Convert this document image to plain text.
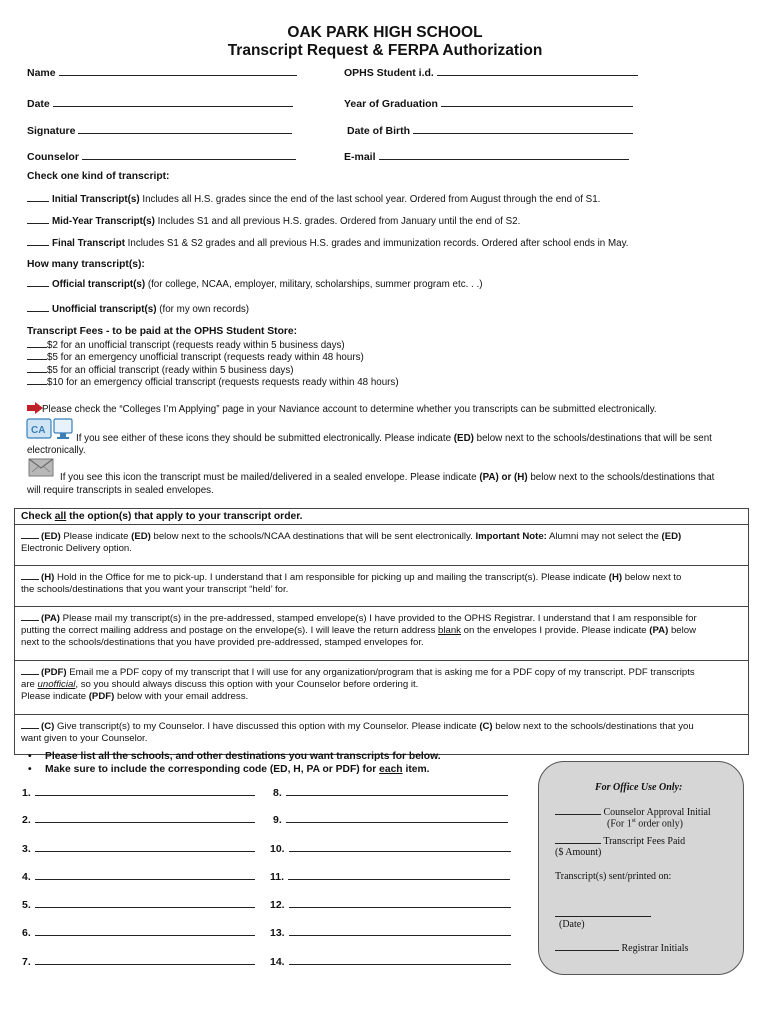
OAK PARK HIGH SCHOOL
Transcript Request & FERPA Authorization
Name	OPHS Student i.d.
Date	Year of Graduation
Signature	Date of Birth
Counselor	E-mail
Check one kind of transcript:
Initial Transcript(s) Includes all H.S. grades since the end of the last school year. Ordered from August through the end of S1.
Mid-Year Transcript(s) Includes S1 and all previous H.S. grades. Ordered from January until the end of S2.
Final Transcript Includes S1 & S2 grades and all previous H.S. grades and immunization records. Ordered after school ends in May.
How many transcript(s):
Official transcript(s) (for college, NCAA, employer, military, scholarships, summer program etc. . .)
Unofficial transcript(s) (for my own records)
Transcript Fees - to be paid at the OPHS Student Store:
$2 for an unofficial transcript (requests ready within 5 business days)
$5 for an emergency unofficial transcript (requests ready within 48 hours)
$5 for an official transcript (ready within 5 business days)
$10 for an emergency official transcript (requests requests ready within 48 hours)
Please check the “Colleges I’m Applying” page in your Naviance account to determine whether you transcripts can be submitted electronically.
CA
If you see either of these icons they should be submitted electronically. Please indicate (ED) below next to the schools/destinations that will be sent
electronically.
If you see this icon the transcript must be mailed/delivered in a sealed envelope. Please indicate (PA) or (H) below next to the schools/destinations that
will require transcripts in sealed envelopes.
Check all the option(s) that apply to your transcript order.
(ED) Please indicate (ED) below next to the schools/NCAA destinations that will be sent electronically. Important Note: Alumni may not select the (ED)
Electronic Delivery option.
(H) Hold in the Office for me to pick-up. I understand that I am responsible for picking up and mailing the transcript(s). Please indicate (H) below next to
the schools/destinations that you want your transcript “held’ for.
(PA) Please mail my transcript(s) in the pre-addressed, stamped envelope(s) I have provided to the OPHS Registrar. I understand that I am responsible for
putting the correct mailing address and postage on the envelope(s). I will leave the return address blank on the envelopes I provide. Please indicate (PA) below
next to the schools/destinations that you have provided pre-addressed, stamped envelopes for.
(PDF) Email me a PDF copy of my transcript that I will use for any organization/program that is asking me for a PDF copy of my transcript. PDF transcripts
are unofficial, so you should always discuss this option with your Counselor before ordering it.
Please indicate (PDF) below with your email address.
(C) Give transcript(s) to my Counselor. I have discussed this option with my Counselor. Please indicate (C) below next to the schools/destinations that you
want given to your Counselor.
• Please list all the schools, and other destinations you want transcripts for below.
• Make sure to include the corresponding code (ED, H, PA or PDF) for each item.
1.
2.
3.
4.
5.
6.
7.
8.
9.
10.
11.
12.
13.
14.
For Office Use Only:
Counselor Approval Initial
(For 1st order only)
Transcript Fees Paid
($ Amount)
Transcript(s) sent/printed on:
(Date)
Registrar Initials
